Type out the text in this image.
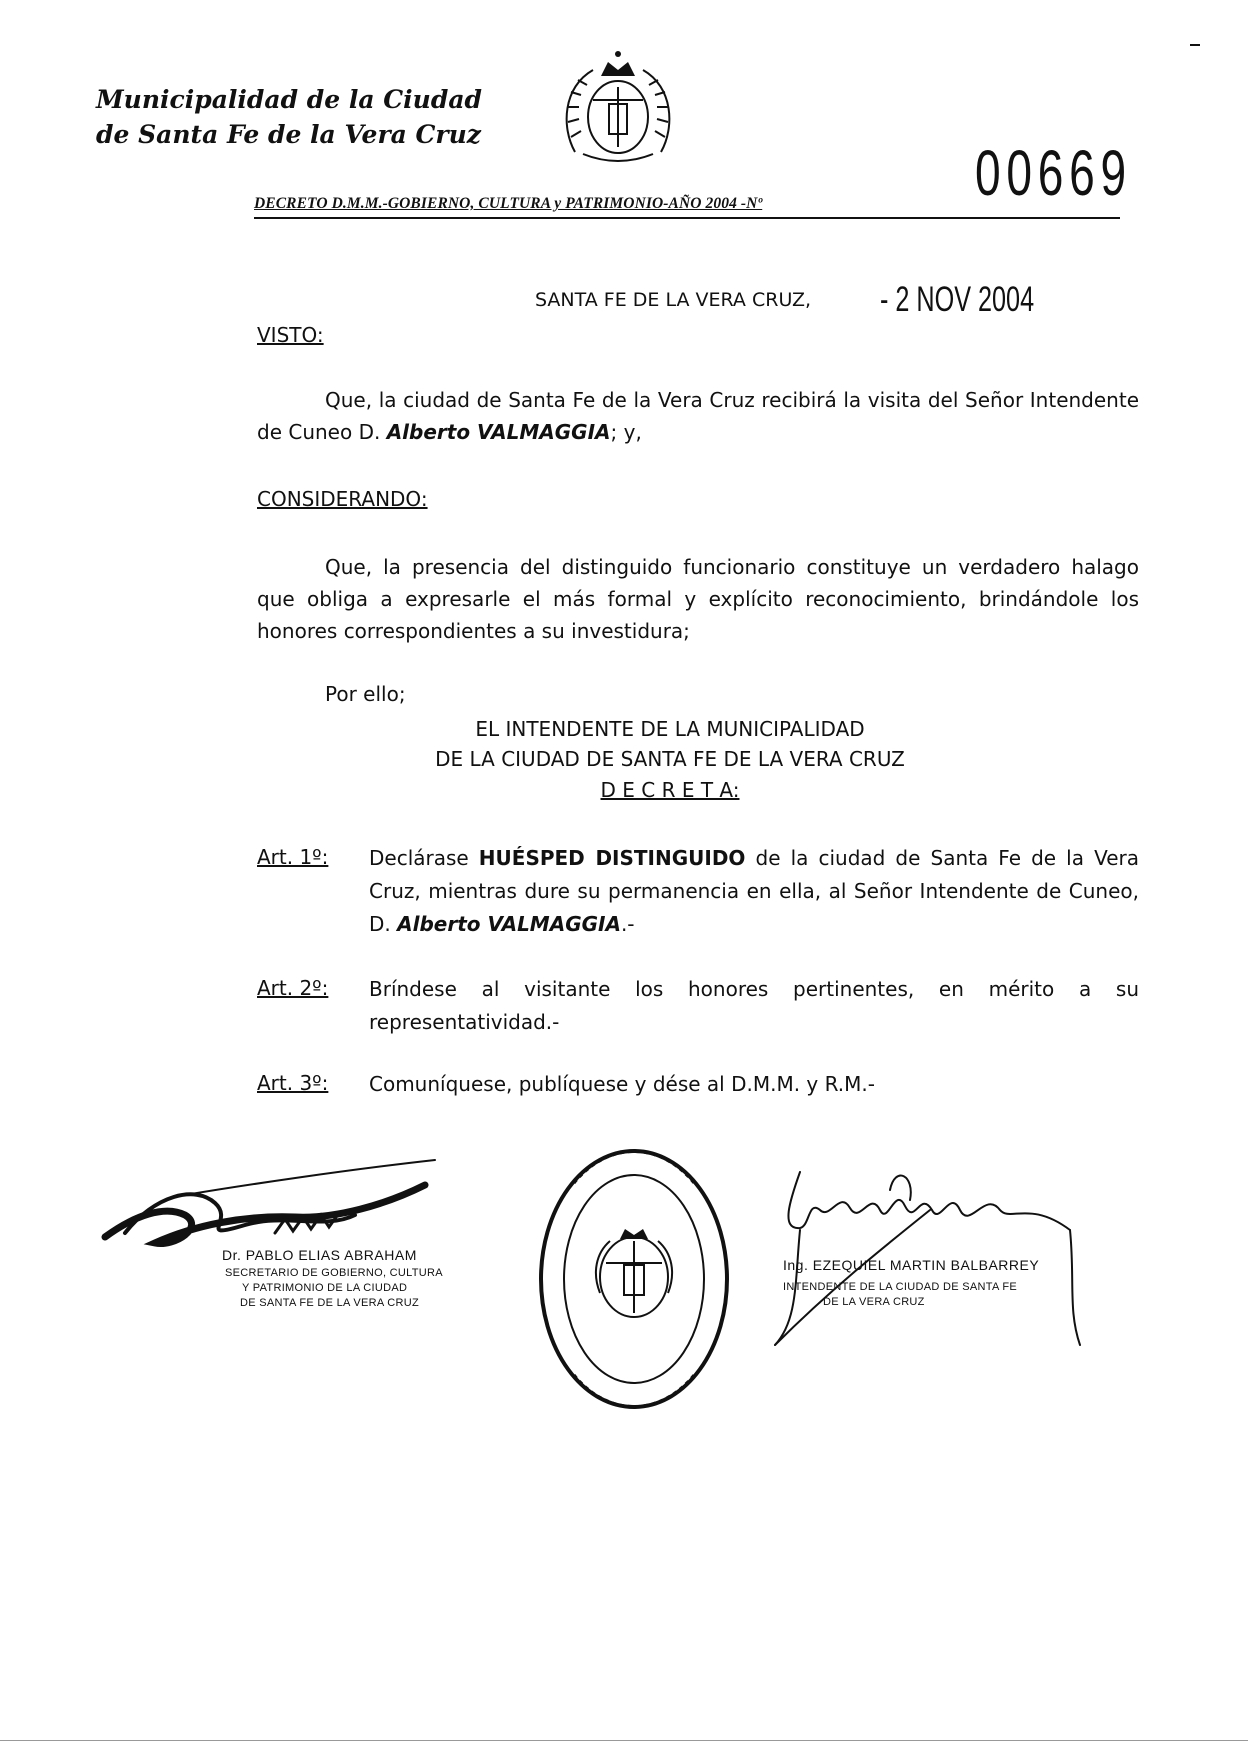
Municipalidad de la Ciudad
de Santa Fe de la Vera Cruz
DECRETO D.M.M.-GOBIERNO, CULTURA y PATRIMONIO-AÑO 2004 -Nº	00669
SANTA FE DE LA VERA CRUZ, - 2 NOV 2004
VISTO:
Que, la ciudad de Santa Fe de la Vera Cruz recibirá la visita del Señor Intendente de Cuneo D. Alberto VALMAGGIA; y,
CONSIDERANDO:
Que, la presencia del distinguido funcionario constituye un verdadero halago que obliga a expresarle el más formal y explícito reconocimiento, brindándole los honores correspondientes a su investidura;
Por ello;
EL INTENDENTE DE LA MUNICIPALIDAD
DE LA CIUDAD DE SANTA FE DE LA VERA CRUZ
D E C R E T A:
Art. 1º: Declárase HUÉSPED DISTINGUIDO de la ciudad de Santa Fe de la Vera Cruz, mientras dure su permanencia en ella, al Señor Intendente de Cuneo, D. Alberto VALMAGGIA.-
Art. 2º: Bríndese al visitante los honores pertinentes, en mérito a su representatividad.-
Art. 3º: Comuníquese, publíquese y dése al D.M.M. y R.M.-
Dr. PABLO ELIAS ABRAHAM
SECRETARIO DE GOBIERNO, CULTURA
Y PATRIMONIO DE LA CIUDAD
DE SANTA FE DE LA VERA CRUZ
Ing. EZEQUIEL MARTIN BALBARREY
INTENDENTE DE LA CIUDAD DE SANTA FE
DE LA VERA CRUZ
